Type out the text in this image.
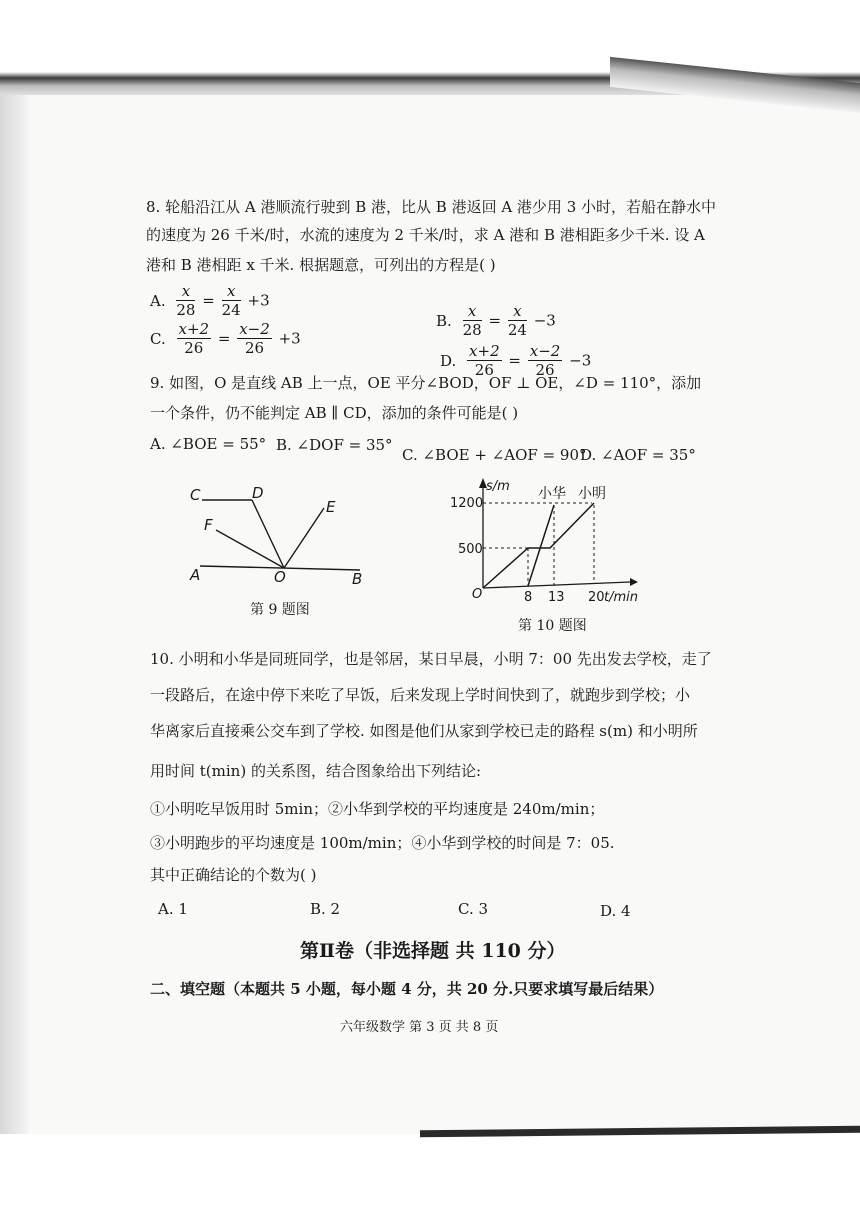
8. 轮船沿江从 A 港顺流行驶到 B 港，比从 B 港返回 A 港少用 3 小时，若船在静水中
的速度为 26 千米/时，水流的速度为 2 千米/时，求 A 港和 B 港相距多少千米. 设 A
港和 B 港相距 x 千米. 根据题意，可列出的方程是( )
A. $\frac{x}{28} = \frac{x}{24} +3$
B. $\frac{x}{28} = \frac{x}{24} -3$
C. $\frac{x+2}{26} = \frac{x-2}{26} +3$
D. $\frac{x+2}{26} = \frac{x-2}{26} -3$
9. 如图，O 是直线 AB 上一点，OE 平分∠BOD，OF ⊥ OE，∠D = 110°，添加
一个条件，仍不能判定 AB ∥ CD，添加的条件可能是( )
A. ∠BOE = 55° B. ∠DOF = 35°
C. ∠BOE + ∠AOF = 90°
D. ∠AOF = 35°
C	D
E
F
A	O	B
第 9 题图
s/m
1200
500
O	8 13 20 t/min
小华 小明
第 10 题图
10. 小明和小华是同班同学，也是邻居，某日早晨，小明 7：00 先出发去学校，走了
一段路后，在途中停下来吃了早饭，后来发现上学时间快到了，就跑步到学校；小
华离家后直接乘公交车到了学校. 如图是他们从家到学校已走的路程 s(m) 和小明所
用时间 t(min) 的关系图，结合图象给出下列结论:
①小明吃早饭用时 5min；②小华到学校的平均速度是 240m/min；
③小明跑步的平均速度是 100m/min；④小华到学校的时间是 7：05.
其中正确结论的个数为( )
A. 1	B. 2	C. 3	D. 4
第Ⅱ卷（非选择题 共 110 分）
二、填空题（本题共 5 小题，每小题 4 分，共 20 分.只要求填写最后结果）
六年级数学 第 3 页 共 8 页
